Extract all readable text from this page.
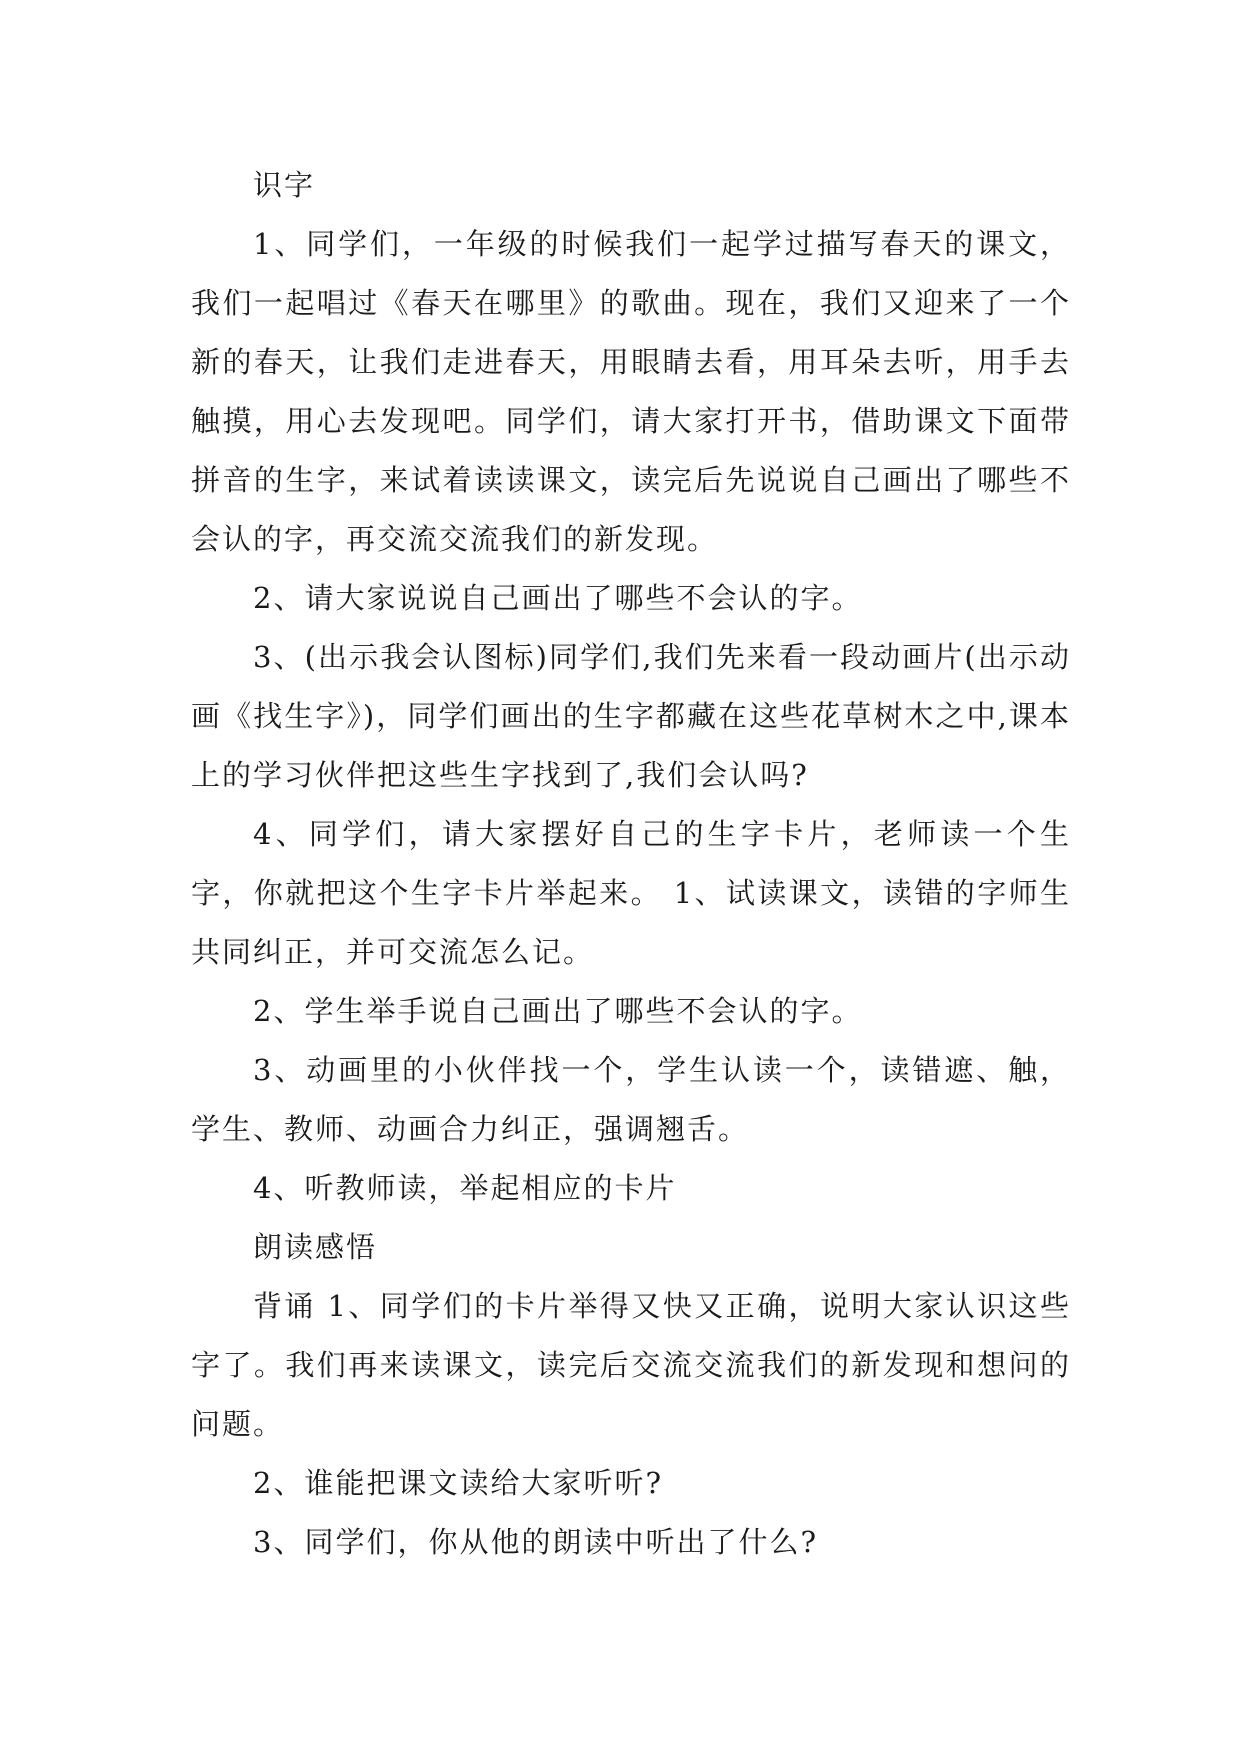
识字

1、同学们，一年级的时候我们一起学过描写春天的课文，我们一起唱过《春天在哪里》的歌曲。现在，我们又迎来了一个新的春天，让我们走进春天，用眼睛去看，用耳朵去听，用手去触摸，用心去发现吧。同学们，请大家打开书，借助课文下面带拼音的生字，来试着读读课文，读完后先说说自己画出了哪些不会认的字，再交流交流我们的新发现。

2、请大家说说自己画出了哪些不会认的字。

3、(出示我会认图标)同学们,我们先来看一段动画片(出示动画《找生字》)，同学们画出的生字都藏在这些花草树木之中,课本上的学习伙伴把这些生字找到了,我们会认吗?

4、同学们，请大家摆好自己的生字卡片，老师读一个生字，你就把这个生字卡片举起来。 1、试读课文，读错的字师生共同纠正，并可交流怎么记。

2、学生举手说自己画出了哪些不会认的字。

3、动画里的小伙伴找一个，学生认读一个，读错遮、触，学生、教师、动画合力纠正，强调翘舌。

4、听教师读，举起相应的卡片

朗读感悟

背诵 1、同学们的卡片举得又快又正确，说明大家认识这些字了。我们再来读课文，读完后交流交流我们的新发现和想问的问题。

2、谁能把课文读给大家听听?

3、同学们，你从他的朗读中听出了什么?
